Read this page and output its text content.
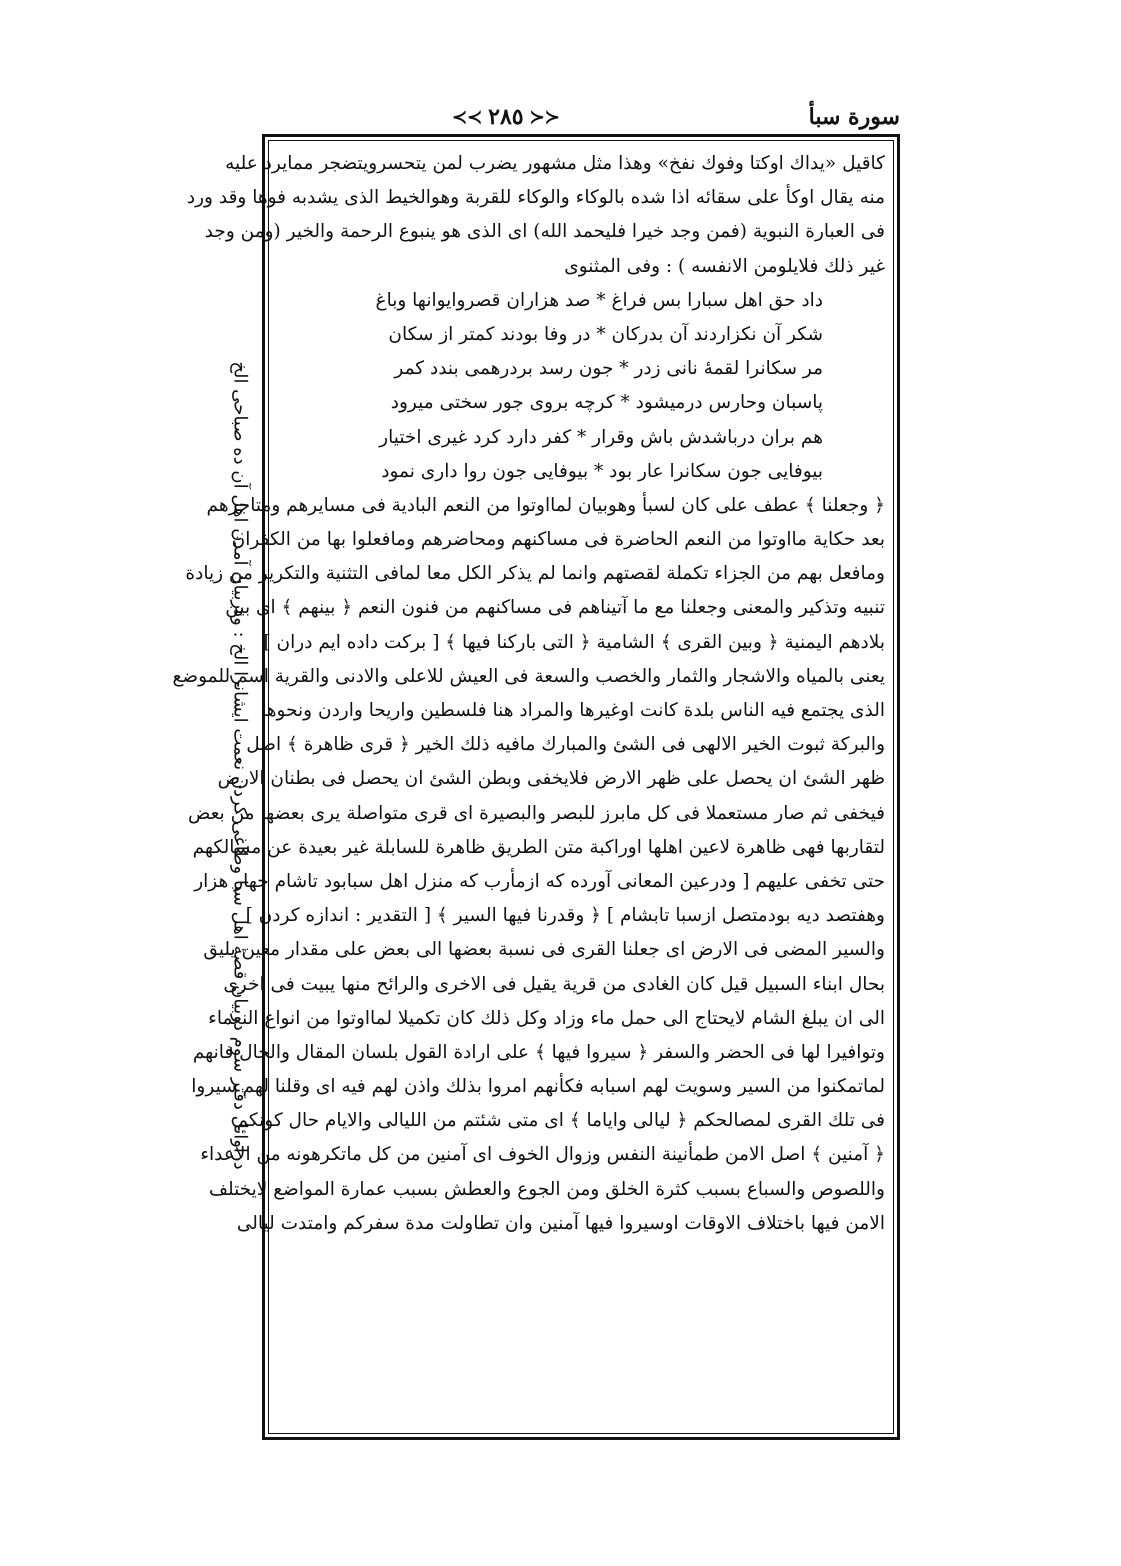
سورة سبأ
≺≺
٢٨٥
≻≻
دراوائل دفتر سوم دربيان قصهٔ اهل سبا وطاغى كردن نعمت ايشانرا الخ : ودربيان آمدن اهل آن ده صباحى الخ
كاقيل «يداك اوكتا وفوك نفخ» وهذا مثل مشهور يضرب لمن يتحسرويتضجر ممايرد عليه
منه يقال اوكأ على سقائه اذا شده بالوكاء والوكاء للقربة وهوالخيط الذى يشدبه فوها وقد ورد
فى العبارة النبوية (فمن وجد خيرا فليحمد الله) اى الذى هو ينبوع الرحمة والخير (ومن وجد
غير ذلك فلايلومن الانفسه ) : وفى المثنوى
داد حق اهل سبارا بس فراغ * صد هزاران قصروايوانها وباغ
شكر آن نكزاردند آن بدركان * در وفا بودند كمتر از سكان
مر سكانرا لقمهٔ نانى زدر * جون رسد بردرهمى بندد كمر
پاسبان وحارس درميشود * كرچه بروى جور سختى ميرود
هم بران درباشدش باش وقرار * كفر دارد كرد غيرى اختيار
بيوفايى جون سكانرا عار بود * بيوفايى جون روا دارى نمود
﴿ وجعلنا ﴾ عطف على كان لسبأ وهوبيان لمااوتوا من النعم البادية فى مسايرهم ومتاجرهم
بعد حكاية مااوتوا من النعم الحاضرة فى مساكنهم ومحاضرهم ومافعلوا بها من الكفران
ومافعل بهم من الجزاء تكملة لقصتهم وانما لم يذكر الكل معا لمافى التثنية والتكرير من زيادة
تنبيه وتذكير والمعنى وجعلنا مع ما آتيناهم فى مساكنهم من فنون النعم ﴿ بينهم ﴾ اى بين
بلادهم اليمنية ﴿ وبين القرى ﴾ الشامية ﴿ التى باركنا فيها ﴾ [ بركت داده ايم دران ]
يعنى بالمياه والاشجار والثمار والخصب والسعة فى العيش للاعلى والادنى والقرية اسم للموضع
الذى يجتمع فيه الناس بلدة كانت اوغيرها والمراد هنا فلسطين واريحا واردن ونحوها
والبركة ثبوت الخير الالهى فى الشئ والمبارك مافيه ذلك الخير ﴿ قرى ظاهرة ﴾ اصل
ظهر الشئ ان يحصل على ظهر الارض فلايخفى وبطن الشئ ان يحصل فى بطنان الارض
فيخفى ثم صار مستعملا فى كل مابرز للبصر والبصيرة اى قرى متواصلة يرى بعضها من بعض
لتقاربها فهى ظاهرة لاعين اهلها اوراكبة متن الطريق ظاهرة للسابلة غير بعيدة عن مسالكهم
حتى تخفى عليهم [ ودرعين المعانى آورده كه ازمأرب كه منزل اهل سبابود تاشام جهار هزار
وهفتصد ديه بودمتصل ازسبا تابشام ] ﴿ وقدرنا فيها السير ﴾ [ التقدير : اندازه كردن ]
والسير المضى فى الارض اى جعلنا القرى فى نسبة بعضها الى بعض على مقدار معين يليق
بحال ابناء السبيل قيل كان الغادى من قرية يقيل فى الاخرى والرائح منها يبيت فى اخرى
الى ان يبلغ الشام لايحتاج الى حمل ماء وزاد وكل ذلك كان تكميلا لمااوتوا من انواع النعماء
وتوافيرا لها فى الحضر والسفر ﴿ سيروا فيها ﴾ على ارادة القول بلسان المقال والحال فانهم
لماتمكنوا من السير وسويت لهم اسبابه فكأنهم امروا بذلك واذن لهم فيه اى وقلنا لهم سيروا
فى تلك القرى لمصالحكم ﴿ ليالى واياما ﴾ اى متى شئتم من الليالى والايام حال كونكم
﴿ آمنين ﴾ اصل الامن طمأنينة النفس وزوال الخوف اى آمنين من كل ماتكرهونه من الاعداء
واللصوص والسباع بسبب كثرة الخلق ومن الجوع والعطش بسبب عمارة المواضع لايختلف
الامن فيها باختلاف الاوقات اوسيروا فيها آمنين وان تطاولت مدة سفركم وامتدت ليالى
